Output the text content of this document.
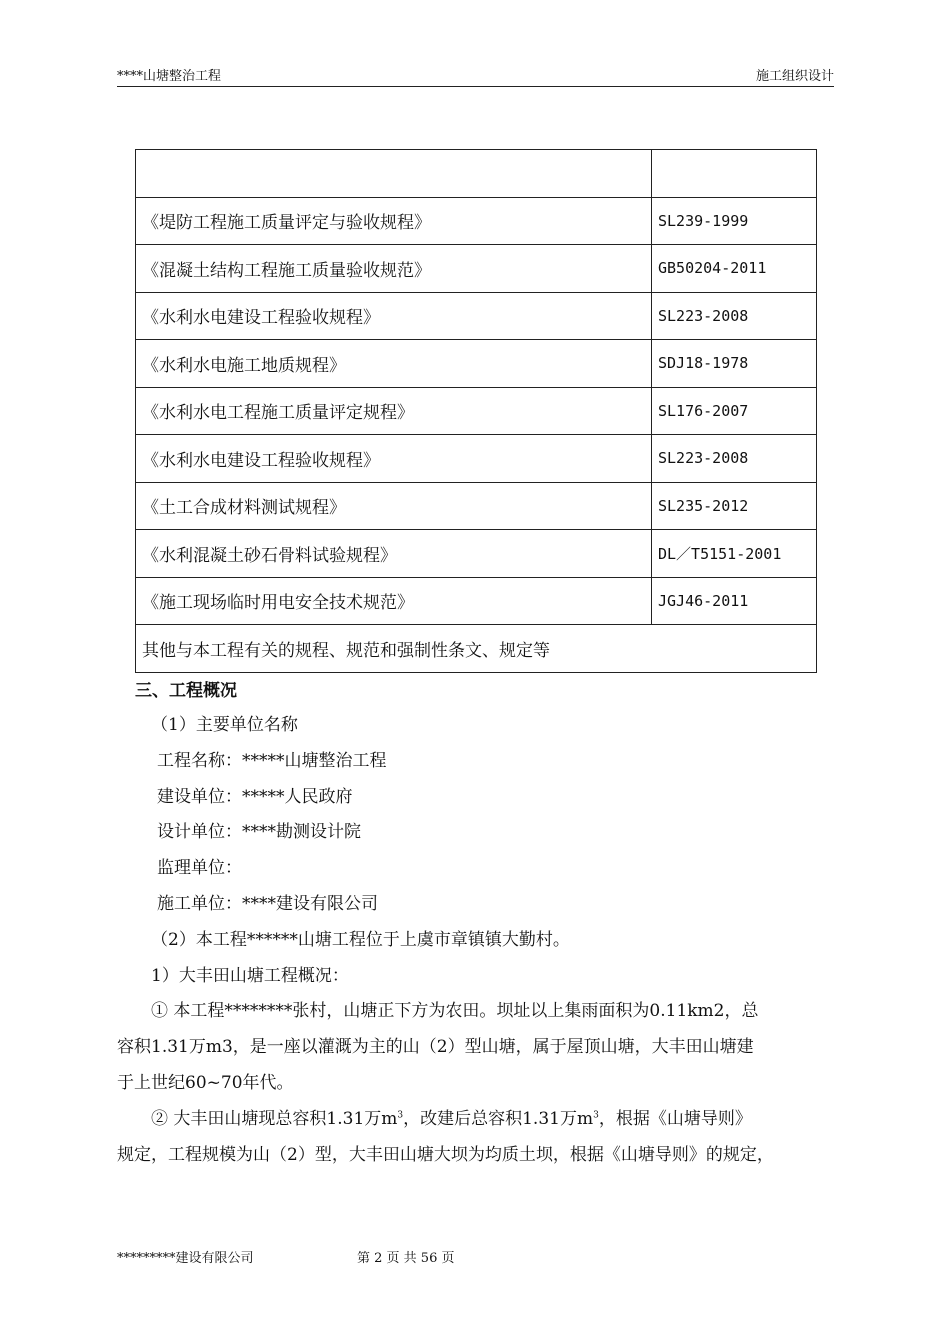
****山塘整治工程	施工组织设计

《堤防工程施工质量评定与验收规程》	SL239-1999
《混凝土结构工程施工质量验收规范》	GB50204-2011
《水利水电建设工程验收规程》	SL223-2008
《水利水电施工地质规程》	SDJ18-1978
《水利水电工程施工质量评定规程》	SL176-2007
《水利水电建设工程验收规程》	SL223-2008
《土工合成材料测试规程》	SL235-2012
《水利混凝土砂石骨料试验规程》	DL／T5151-2001
《施工现场临时用电安全技术规范》	JGJ46-2011
其他与本工程有关的规程、规范和强制性条文、规定等	
三、工程概况
（1）主要单位名称
工程名称：*****山塘整治工程
建设单位：*****人民政府
设计单位：****勘测设计院
监理单位：
施工单位：****建设有限公司
（2）本工程******山塘工程位于上虞市章镇镇大勤村。
1）大丰田山塘工程概况：
① 本工程********张村，山塘正下方为农田。坝址以上集雨面积为0.11km2，总
容积1.31万m3，是一座以灌溉为主的山（2）型山塘，属于屋顶山塘，大丰田山塘建
于上世纪60~70年代。
② 大丰田山塘现总容积1.31万$m^3$，改建后总容积1.31万$m^3$，根据《山塘导则》
规定，工程规模为山（2）型，大丰田山塘大坝为均质土坝，根据《山塘导则》的规定，
*********建设有限公司	第 2 页 共 56 页
